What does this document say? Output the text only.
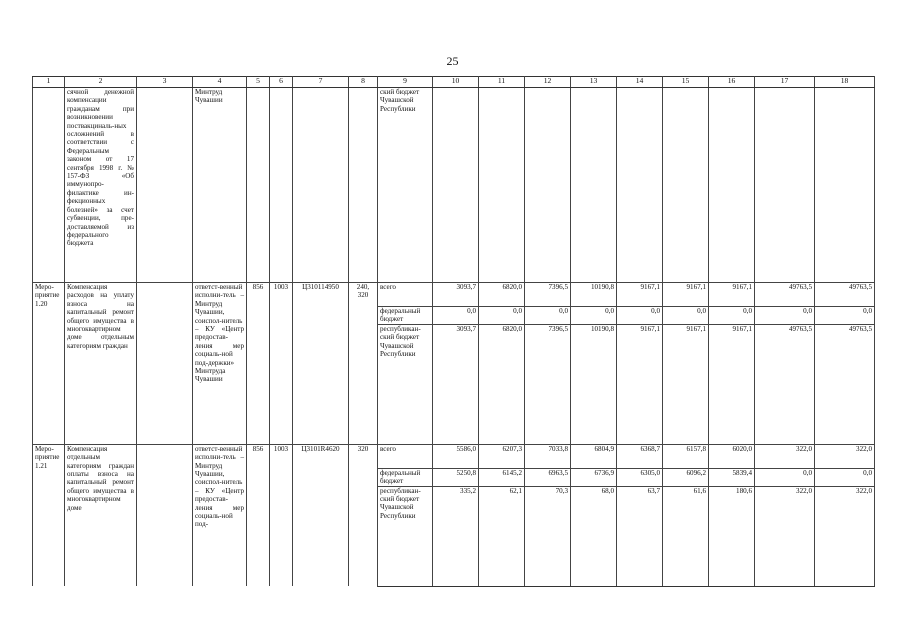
25
1	2	3	4	5	6	7	8	9	10	11	12	13	14	15	16	17	18
	сячной денежной компенсации гражданам при возникновении поствакциналь-ных осложнений в соответствии с Федеральным законом от 17 сентября 1998 г. № 157-ФЗ «Об иммунопро-филактике ин-фекционных болезней» за счет субвенции, пре-доставляемой из федерального бюджета		Минтруд Чувашии					ский бюджет Чувашской Республики									
Меро-приятие 1.20	Компенсация расходов на уплату взноса на капитальный ремонт общего имущества в многоквартирном доме отдельным категориям граждан		ответст-венный исполни-тель – Минтруд Чувашии, соиспол-нитель – КУ «Центр предостав-ления мер социаль-ной под-держки» Минтруда Чувашии	856	1003	Ц310114950	240, 320	всего	3093,7	6820,0	7396,5	10190,8	9167,1	9167,1	9167,1	49763,5	49763,5
								федеральный бюджет	0,0	0,0	0,0	0,0	0,0	0,0	0,0	0,0	0,0
								республикан-ский бюджет Чувашской Республики	3093,7	6820,0	7396,5	10190,8	9167,1	9167,1	9167,1	49763,5	49763,5
Меро-приятие 1.21	Компенсация отдельным категориям граждан оплаты взноса на капитальный ремонт общего имущества в многоквартирном доме		ответст-венный исполни-тель – Минтруд Чувашии, соиспол-нитель – КУ «Центр предостав-ления мер социаль-ной под-	856	1003	Ц3101R4620	320	всего	5586,0	6207,3	7033,8	6804,9	6368,7	6157,8	6020,0	322,0	322,0
								федеральный бюджет	5250,8	6145,2	6963,5	6736,9	6305,0	6096,2	5839,4	0,0	0,0
								республикан-ский бюджет Чувашской Республики	335,2	62,1	70,3	68,0	63,7	61,6	180,6	322,0	322,0
